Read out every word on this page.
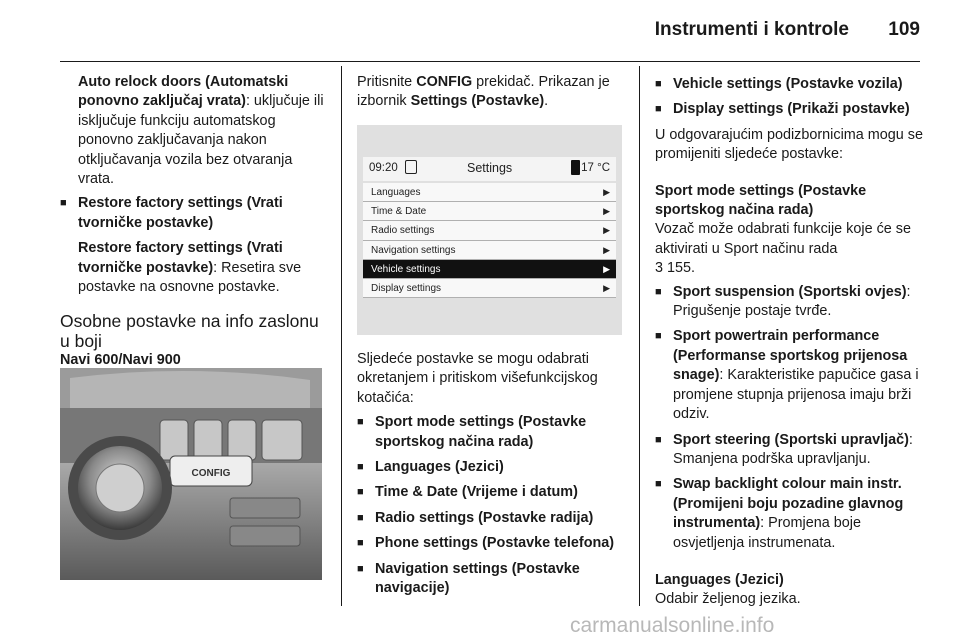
Instrumenti i kontrole 109

Auto relock doors (Automatski ponovno zaključaj vrata): uključuje ili isključuje funkciju automatskog ponovno zaključavanja nakon otključavanja vozila bez otvaranja vrata.

■ Restore factory settings (Vrati tvorničke postavke)

Restore factory settings (Vrati tvorničke postavke): Resetira sve postavke na osnovne postavke.

Osobne postavke na info zaslonu u boji
Navi 600/Navi 900
CONFIG

Pritisnite CONFIG prekidač. Prikazan je izbornik Settings (Postavke).

09:20	Settings	17 °C
Languages	▶
Time & Date	▶
Radio settings	▶
Navigation settings	▶
Vehicle settings	▶
Display settings	▶

Sljedeće postavke se mogu odabrati okretanjem i pritiskom višefunkcijskog kotačića:

■ Sport mode settings (Postavke sportskog načina rada)
■ Languages (Jezici)
■ Time & Date (Vrijeme i datum)
■ Radio settings (Postavke radija)
■ Phone settings (Postavke telefona)
■ Navigation settings (Postavke navigacije)
■ Vehicle settings (Postavke vozila)
■ Display settings (Prikaži postavke)

U odgovarajućim podizbornicima mogu se promijeniti sljedeće postavke:

Sport mode settings (Postavke sportskog načina rada)

Vozač može odabrati funkcije koje će se aktivirati u Sport načinu rada
3 155.

■ Sport suspension (Sportski ovjes): Prigušenje postaje tvrđe.
■ Sport powertrain performance (Performanse sportskog prijenosa snage): Karakteristike papučice gasa i promjene stupnja prijenosa imaju brži odziv.
■ Sport steering (Sportski upravljač): Smanjena podrška upravljanju.
■ Swap backlight colour main instr. (Promijeni boju pozadine glavnog instrumenta): Promjena boje osvjetljenja instrumenata.
Languages (Jezici)

Odabir željenog jezika.

carmanualsonline.info
